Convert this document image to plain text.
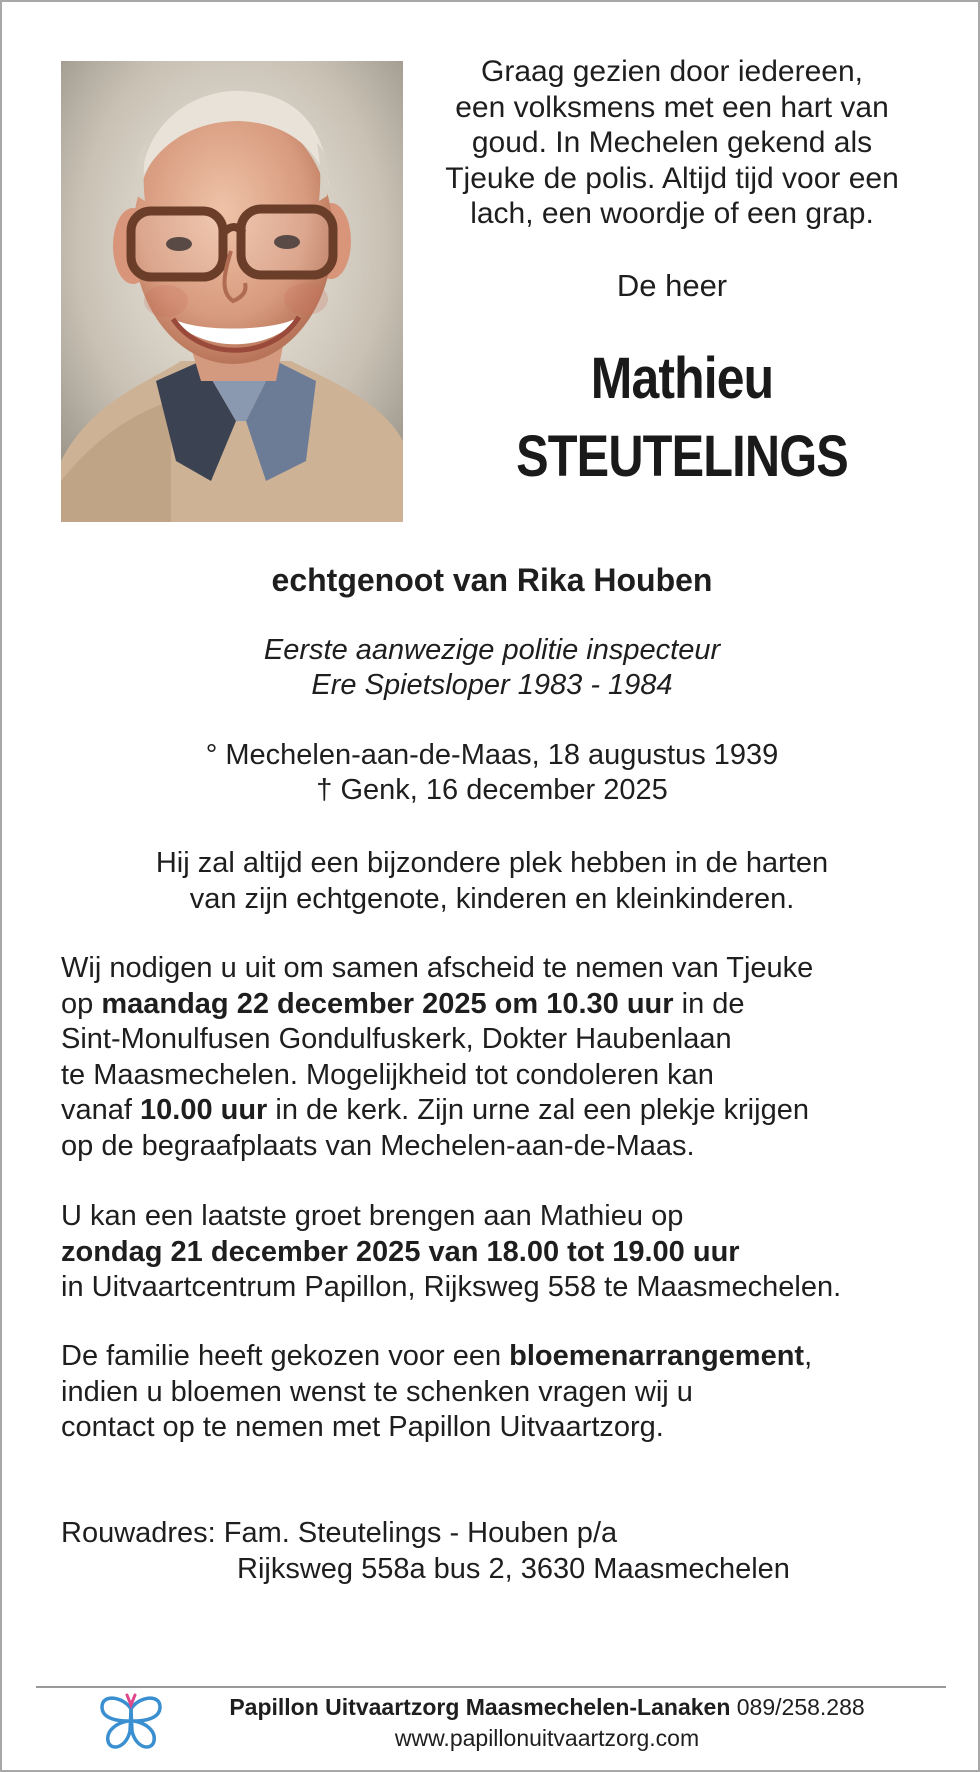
Graag gezien door iedereen,
een volksmens met een hart van
goud. In Mechelen gekend als
Tjeuke de polis. Altijd tijd voor een
lach, een woordje of een grap.
De heer
Mathieu
STEUTELINGS
echtgenoot van Rika Houben
Eerste aanwezige politie inspecteur
Ere Spietsloper 1983 - 1984
° Mechelen-aan-de-Maas, 18 augustus 1939
† Genk, 16 december 2025
Hij zal altijd een bijzondere plek hebben in de harten
van zijn echtgenote, kinderen en kleinkinderen.
Wij nodigen u uit om samen afscheid te nemen van Tjeuke
op maandag 22 december 2025 om 10.30 uur in de
Sint-Monulfusen Gondulfuskerk, Dokter Haubenlaan
te Maasmechelen. Mogelijkheid tot condoleren kan
vanaf 10.00 uur in de kerk. Zijn urne zal een plekje krijgen
op de begraafplaats van Mechelen-aan-de-Maas.
U kan een laatste groet brengen aan Mathieu op
zondag 21 december 2025 van 18.00 tot 19.00 uur
in Uitvaartcentrum Papillon, Rijksweg 558 te Maasmechelen.
De familie heeft gekozen voor een bloemenarrangement,
indien u bloemen wenst te schenken vragen wij u
contact op te nemen met Papillon Uitvaartzorg.
Rouwadres: Fam. Steutelings - Houben p/a
Rijksweg 558a bus 2, 3630 Maasmechelen
Papillon Uitvaartzorg Maasmechelen-Lanaken 089/258.288
www.papillonuitvaartzorg.com
